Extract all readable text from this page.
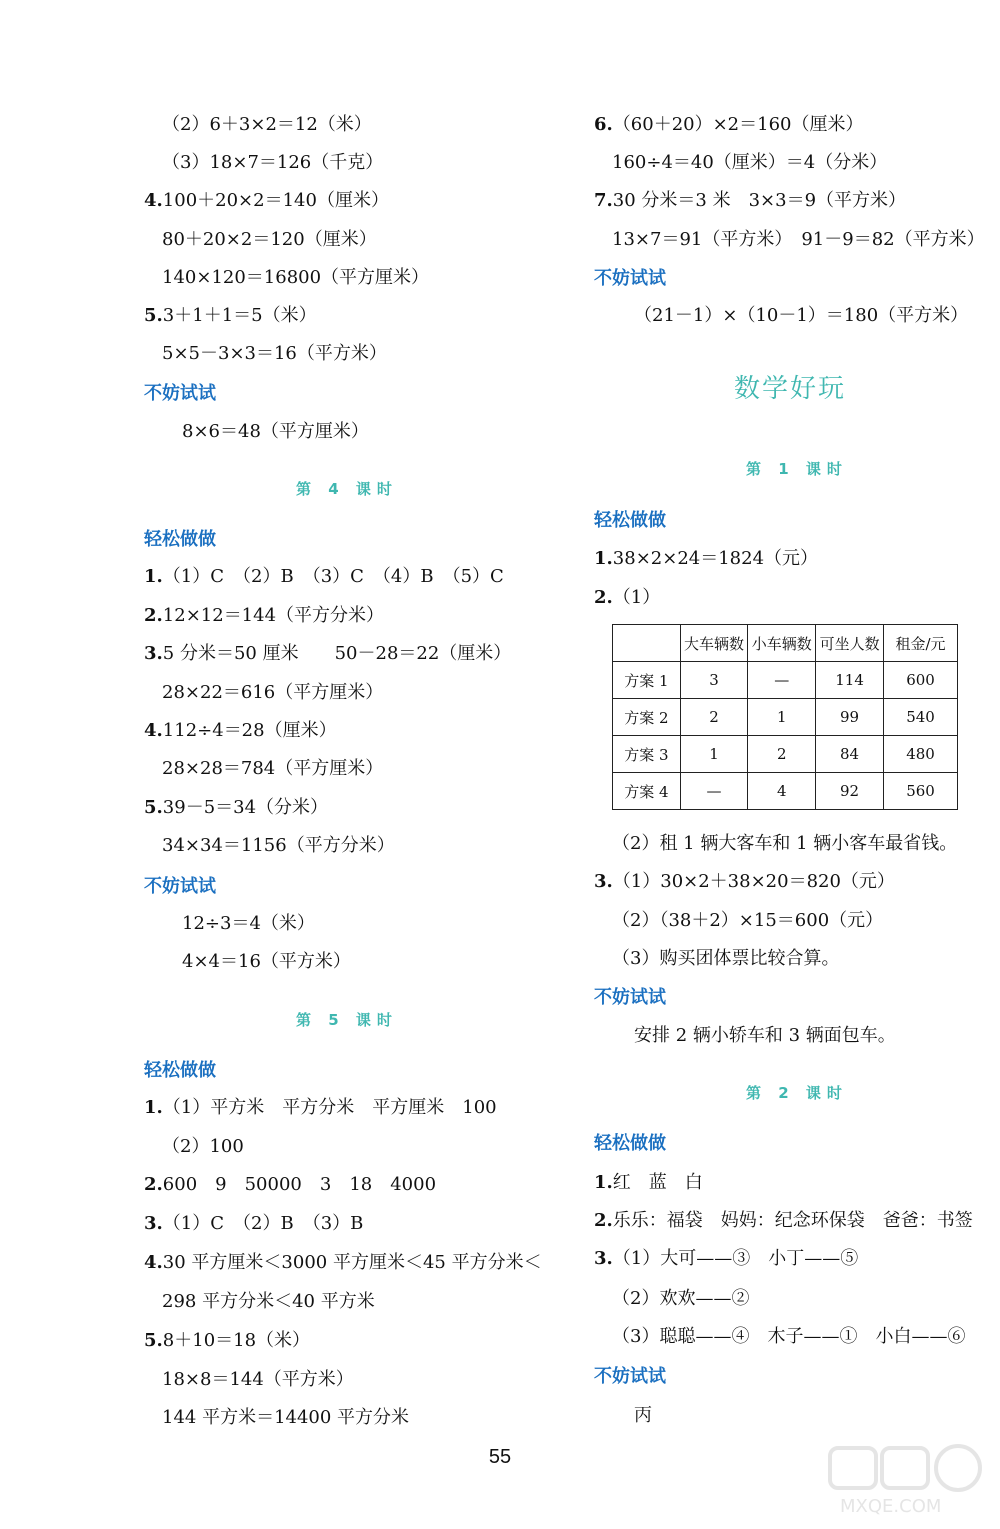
（2）6＋3×2＝12（米）
（3）18×7＝126（千克）
4.100＋20×2＝140（厘米）
80＋20×2＝120（厘米）
140×120＝16800（平方厘米）
5.3＋1＋1＝5（米）
5×5－3×3＝16（平方米）
不妨试试
8×6＝48（平方厘米）
第 4 课时
轻松做做
1.（1）C　（2）B　（3）C　（4）B　（5）C
2.12×12＝144（平方分米）
3.5 分米＝50 厘米　　50－28＝22（厘米）
28×22＝616（平方厘米）
4.112÷4＝28（厘米）
28×28＝784（平方厘米）
5.39－5＝34（分米）
34×34＝1156（平方分米）
不妨试试
12÷3＝4（米）
4×4＝16（平方米）
第 5 课时
轻松做做
1.（1）平方米　平方分米　平方厘米　100
（2）100
2.600　9　50000　3　18　4000
3.（1）C　（2）B　（3）B
4.30 平方厘米＜3000 平方厘米＜45 平方分米＜
298 平方分米＜40 平方米
5.8＋10＝18（米）
18×8＝144（平方米）
144 平方米＝14400 平方分米
6.（60＋20）×2＝160（厘米）
160÷4＝40（厘米）＝4（分米）
7.30 分米＝3 米　3×3＝9（平方米）
13×7＝91（平方米）　91－9＝82（平方米）
不妨试试
（21－1）×（10－1）＝180（平方米）
数学好玩
第 1 课时
轻松做做
1.38×2×24＝1824（元）
2.（1）
（2）租 1 辆大客车和 1 辆小客车最省钱。
3.（1）30×2＋38×20＝820（元）
（2）（38＋2）×15＝600（元）
（3）购买团体票比较合算。
不妨试试
安排 2 辆小轿车和 3 辆面包车。
第 2 课时
轻松做做
1.红　蓝　白
2.乐乐：福袋　妈妈：纪念环保袋　爸爸：书签
3.（1）大可——③　小丁——⑤
（2）欢欢——②
（3）聪聪——④　木子——①　小白——⑥
不妨试试
丙
	大车辆数	小车辆数	可坐人数	租金/元
方案 1	3	—	114	600
方案 2	2	1	99	540
方案 3	1	2	84	480
方案 4	—	4	92	560
55
MXQE.COM
